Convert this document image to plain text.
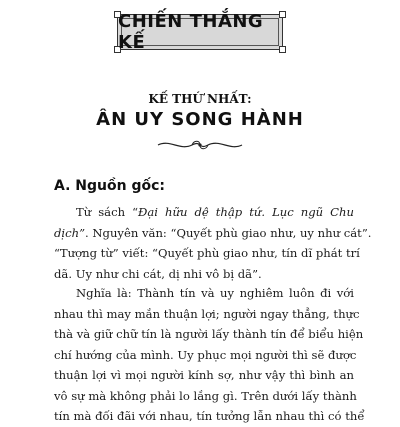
CHIẾN THẮNG KẾ
KẾ THỨ NHẤT:
ÂN UY SONG HÀNH
A. Nguồn gốc:
Từ sách “Đại hữu dệ thập tứ. Lục ngũ Chu
dịch”. Nguyên văn: “Quyết phù giao như, uy như cát”.
“Tượng từ” viết: “Quyết phù giao như, tín dĩ phát trí
dã. Uy như chi cát, dị nhi vô bị dã”.
Nghĩa là: Thành tín và uy nghiêm luôn đi với
nhau thì may mắn thuận lợi; người ngay thẳng, thực
thà và giữ chữ tín là người lấy thành tín để biểu hiện
chí hướng của mình. Uy phục mọi người thì sẽ được
thuận lợi vì mọi người kính sợ, như vậy thì bình an
vô sự mà không phải lo lắng gì. Trên dưới lấy thành
tín mà đối đãi với nhau, tín tưởng lẫn nhau thì có thể
